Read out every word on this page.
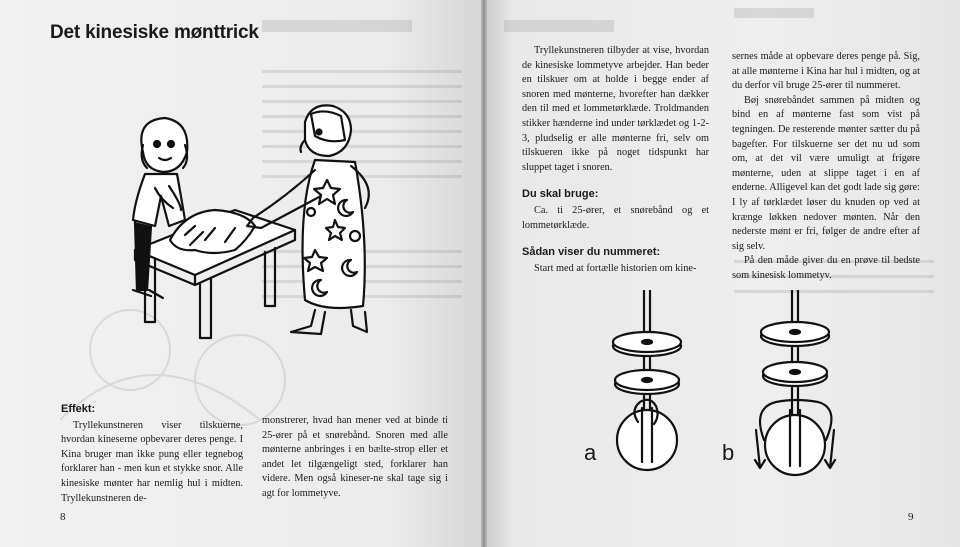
Det kinesiske mønttrick
Effekt:

Tryllekunstneren viser tilskuerne, hvordan kineserne opbevarer deres penge. I Kina bruger man ikke pung eller tegnebog forklarer han - men kun et stykke snor. Alle kinesiske mønter har nemlig hul i midten. Tryllekunstneren de-

monstrerer, hvad han mener ved at binde ti 25-ører på et snørebånd. Snoren med alle mønterne anbringes i en bælte-strop eller et andet let tilgængeligt sted, forklarer han videre. Men også kineser-ne skal tage sig i agt for lommetyve.

8

Tryllekunstneren tilbyder at vise, hvordan de kinesiske lommetyve arbejder. Han beder en tilskuer om at holde i begge ender af snoren med mønterne, hvorefter han dækker den til med et lommetørklæde. Troldmanden stikker hænderne ind under tørklædet og 1-2-3, pludselig er alle mønterne fri, selv om tilskueren ikke på noget tidspunkt har sluppet taget i snoren.

Du skal bruge:

Ca. ti 25-ører, et snørebånd og et lommetørklæde.

Sådan viser du nummeret:

Start med at fortælle historien om kine-

sernes måde at opbevare deres penge på. Sig, at alle mønterne i Kina har hul i midten, og at du derfor vil bruge 25-ører til nummeret.

Bøj snørebåndet sammen på midten og bind en af mønterne fast som vist på tegningen. De resterende mønter sætter du på bagefter. For tilskuerne ser det nu ud som om, at det vil være umuligt at frigøre mønterne, uden at slippe taget i en af enderne. Alligevel kan det godt lade sig gøre: I ly af tørklædet løser du knuden op ved at krænge løkken nedover mønten. Når den nederste mønt er fri, følger de andre efter af sig selv.

På den måde giver du en prøve til bedste som kinesisk lommetyv.

a	b
9
